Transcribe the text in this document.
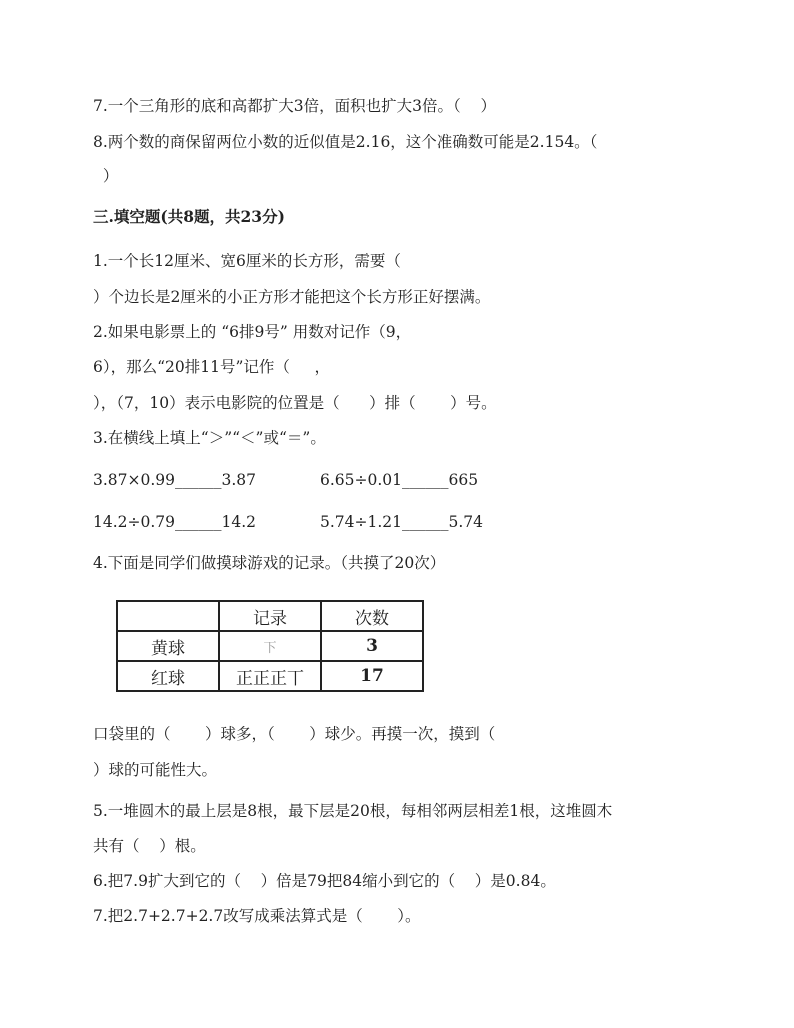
7.一个三角形的底和高都扩大3倍，面积也扩大3倍。（    ）
8.两个数的商保留两位小数的近似值是2.16，这个准确数可能是2.154。（
）
三.填空题(共8题，共23分)
1.一个长12厘米、宽6厘米的长方形，需要（
）个边长是2厘米的小正方形才能把这个长方形正好摆满。
2.如果电影票上的 “6排9号” 用数对记作（9，
6），那么“20排11号”记作（     ，
），（7，10）表示电影院的位置是（      ）排（       ）号。
3.在横线上填上“＞”“＜”或“＝”。
3.87×0.99______3.87	6.65÷0.01______665
14.2÷0.79______14.2	5.74÷1.21______5.74
4.下面是同学们做摸球游戏的记录。（共摸了20次）
	记录	次数
黄球	下	3
红球	正正正丅	17
口袋里的（       ）球多，（       ）球少。再摸一次，摸到（
）球的可能性大。
5.一堆圆木的最上层是8根，最下层是20根，每相邻两层相差1根，这堆圆木
共有（    ）根。
6.把7.9扩大到它的（    ）倍是79把84缩小到它的（    ）是0.84。
7.把2.7+2.7+2.7改写成乘法算式是（       ）。
